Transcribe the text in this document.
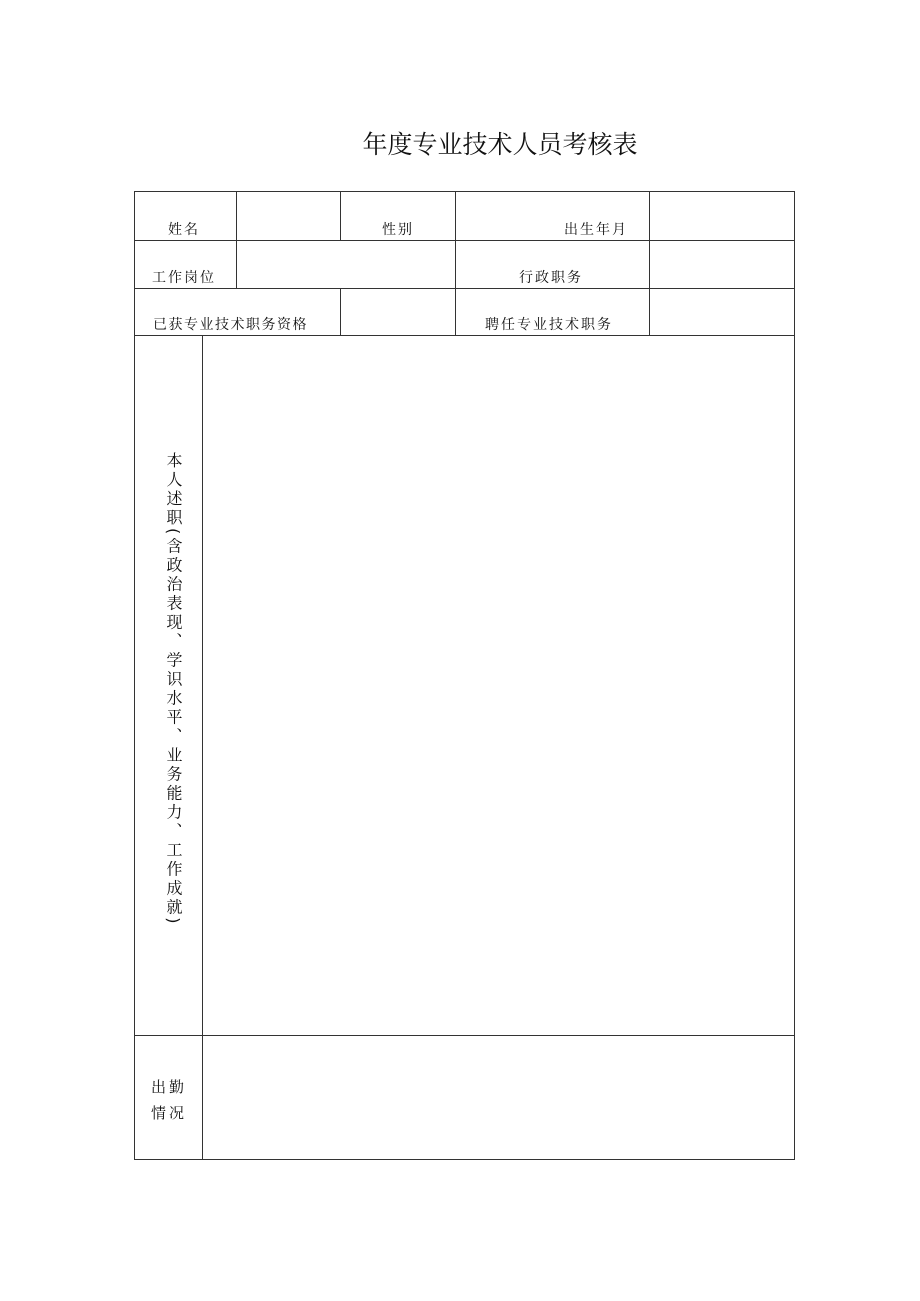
年度专业技术人员考核表
姓名	性别	出生年月
工作岗位	行政职务
已获专业技术职务资格	聘任专业技术职务
本人述职(含政治表现、学识水平、业务能力、工作成就)
出勤
情况
